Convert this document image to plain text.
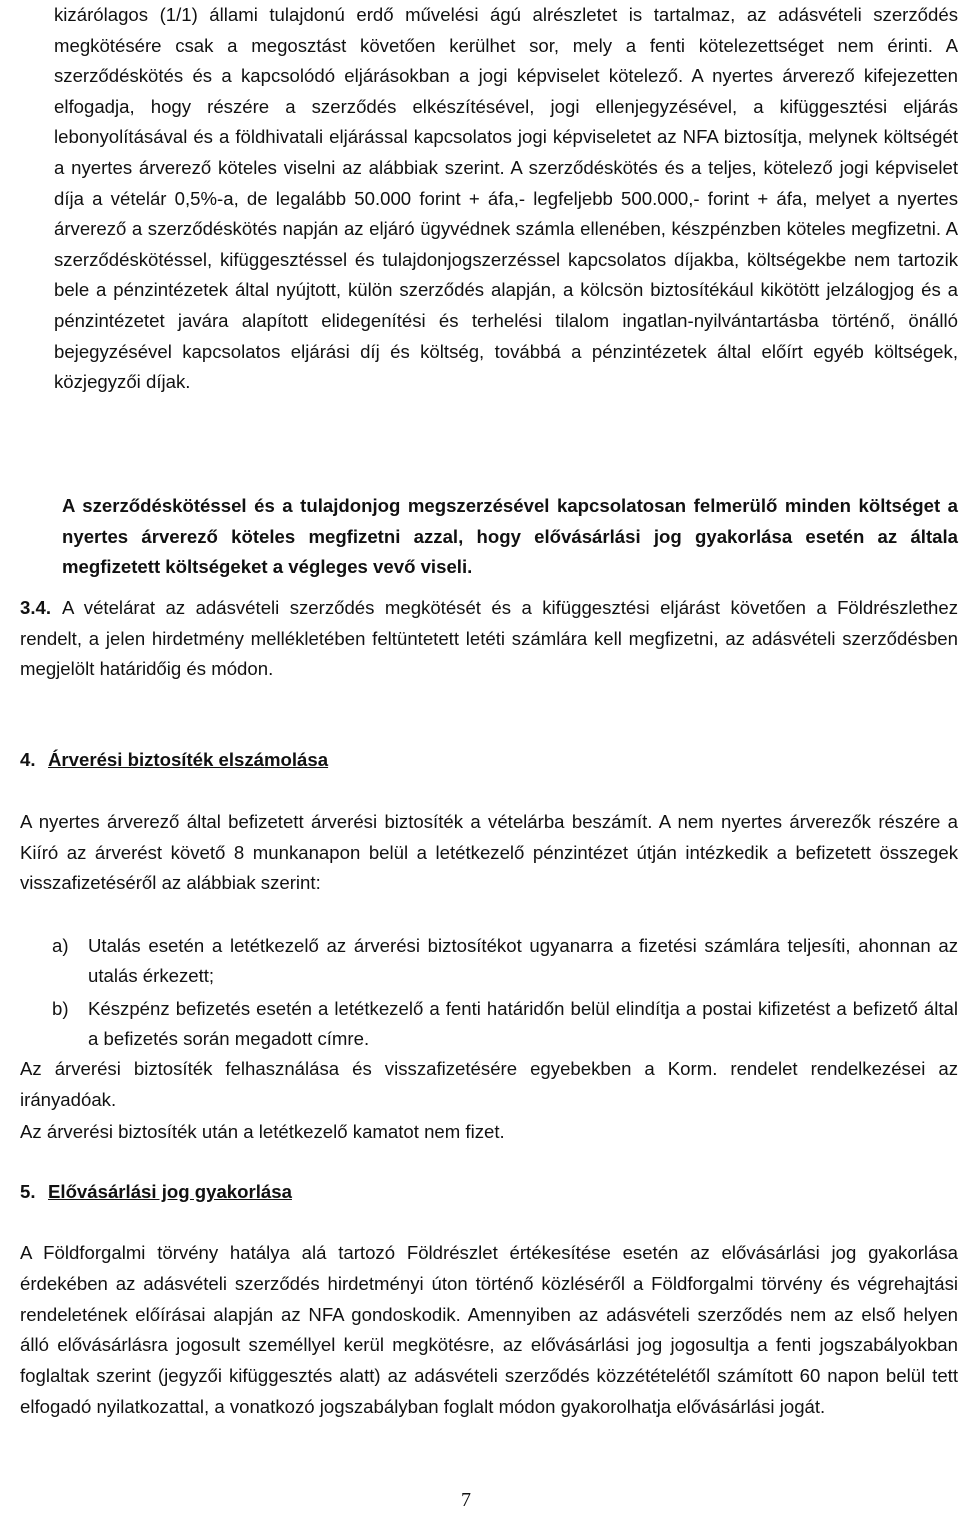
kizárólagos (1/1) állami tulajdonú erdő művelési ágú alrészletet is tartalmaz, az adásvételi szerződés megkötésére csak a megosztást követően kerülhet sor, mely a fenti kötelezettséget nem érinti. A szerződéskötés és a kapcsolódó eljárásokban a jogi képviselet kötelező. A nyertes árverező kifejezetten elfogadja, hogy részére a szerződés elkészítésével, jogi ellenjegyzésével, a kifüggesztési eljárás lebonyolításával és a földhivatali eljárással kapcsolatos jogi képviseletet az NFA biztosítja, melynek költségét a nyertes árverező köteles viselni az alábbiak szerint. A szerződéskötés és a teljes, kötelező jogi képviselet díja a vételár 0,5%-a, de legalább 50.000 forint + áfa,- legfeljebb 500.000,- forint + áfa, melyet a nyertes árverező a szerződéskötés napján az eljáró ügyvédnek számla ellenében, készpénzben köteles megfizetni. A szerződéskötéssel, kifüggesztéssel és tulajdonjogszerzéssel kapcsolatos díjakba, költségekbe nem tartozik bele a pénzintézetek által nyújtott, külön szerződés alapján, a kölcsön biztosítékául kikötött jelzálogjog és a pénzintézetet javára alapított elidegenítési és terhelési tilalom ingatlan-nyilvántartásba történő, önálló bejegyzésével kapcsolatos eljárási díj és költség, továbbá a pénzintézetek által előírt egyéb költségek, közjegyzői díjak.
A szerződéskötéssel és a tulajdonjog megszerzésével kapcsolatosan felmerülő minden költséget a nyertes árverező köteles megfizetni azzal, hogy elővásárlási jog gyakorlása esetén az általa megfizetett költségeket a végleges vevő viseli.
3.4. A vételárat az adásvételi szerződés megkötését és a kifüggesztési eljárást követően a Földrészlethez rendelt, a jelen hirdetmény mellékletében feltüntetett letéti számlára kell megfizetni, az adásvételi szerződésben megjelölt határidőig és módon.
4. Árverési biztosíték elszámolása
A nyertes árverező által befizetett árverési biztosíték a vételárba beszámít. A nem nyertes árverezők részére a Kiíró az árverést követő 8 munkanapon belül a letétkezelő pénzintézet útján intézkedik a befizetett összegek visszafizetéséről az alábbiak szerint:
a)	Utalás esetén a letétkezelő az árverési biztosítékot ugyanarra a fizetési számlára teljesíti, ahonnan az utalás érkezett;
b)	Készpénz befizetés esetén a letétkezelő a fenti határidőn belül elindítja a postai kifizetést a befizető által a befizetés során megadott címre.
Az árverési biztosíték felhasználása és visszafizetésére egyebekben a Korm. rendelet rendelkezései az irányadóak.
Az árverési biztosíték után a letétkezelő kamatot nem fizet.
5. Elővásárlási jog gyakorlása
A Földforgalmi törvény hatálya alá tartozó Földrészlet értékesítése esetén az elővásárlási jog gyakorlása érdekében az adásvételi szerződés hirdetményi úton történő közléséről a Földforgalmi törvény és végrehajtási rendeletének előírásai alapján az NFA gondoskodik. Amennyiben az adásvételi szerződés nem az első helyen álló elővásárlásra jogosult személlyel kerül megkötésre, az elővásárlási jog jogosultja a fenti jogszabályokban foglaltak szerint (jegyzői kifüggesztés alatt) az adásvételi szerződés közzétételétől számított 60 napon belül tett elfogadó nyilatkozattal, a vonatkozó jogszabályban foglalt módon gyakorolhatja elővásárlási jogát.
7
